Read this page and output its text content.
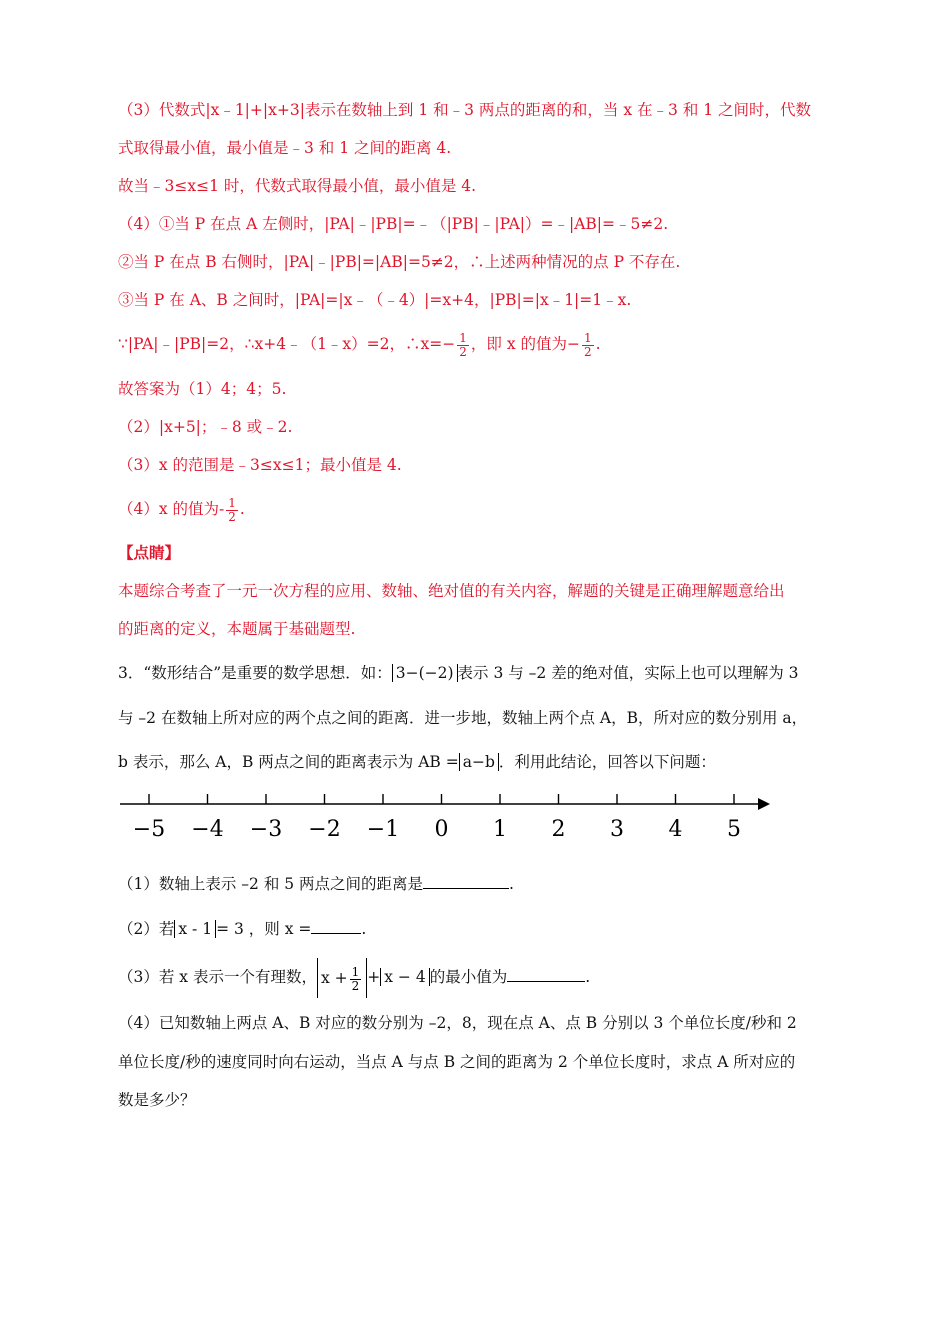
（3）代数式|x﹣1|+|x+3|表示在数轴上到 1 和﹣3 两点的距离的和，当 x 在﹣3 和 1 之间时，代数
式取得最小值，最小值是﹣3 和 1 之间的距离 4.
故当﹣3≤x≤1 时，代数式取得最小值，最小值是 4.
（4）①当 P 在点 A 左侧时，|PA|﹣|PB|=﹣（|PB|﹣|PA|）=﹣|AB|=﹣5≠2.
②当 P 在点 B 右侧时，|PA|﹣|PB|=|AB|=5≠2，∴上述两种情况的点 P 不存在.
③当 P 在 A、B 之间时，|PA|=|x﹣（﹣4）|=x+4，|PB|=|x﹣1|=1﹣x.
∵|PA|﹣|PB|=2，∴x+4﹣（1﹣x）=2，∴x=− $\frac{1}{2}$ ，即 x 的值为− $\frac{1}{2}$ .
故答案为（1）4；4；5.
（2）|x+5|；﹣8 或﹣2.
（3）x 的范围是﹣3≤x≤1；最小值是 4.
（4）x 的值为- $\frac{1}{2}$ .
【点睛】
本题综合考查了一元一次方程的应用、数轴、绝对值的有关内容，解题的关键是正确理解题意给出
的距离的定义，本题属于基础题型.
3．“数形结合”是重要的数学思想．如： 3−(−2) 表示 3 与 –2 差的绝对值，实际上也可以理解为 3
与 –2 在数轴上所对应的两个点之间的距离．进一步地，数轴上两个点 A，B，所对应的数分别用 a，
b 表示，那么 A，B 两点之间的距离表示为 AB = a−b ．利用此结论，回答以下问题：
−5 −4 −3 −2 −1 0 1 2 3 4 5
（1）数轴上表示 –2 和 5 两点之间的距离是	.
（2）若 x - 1 = 3 ，则 x =	.
（3）若 x 表示一个有理数， $x + \frac{1}{2} + x - 4$ 的最小值为	.
（4）已知数轴上两点 A、B 对应的数分别为 –2，8，现在点 A、点 B 分别以 3 个单位长度/秒和 2
单位长度/秒的速度同时向右运动，当点 A 与点 B 之间的距离为 2 个单位长度时，求点 A 所对应的
数是多少？
